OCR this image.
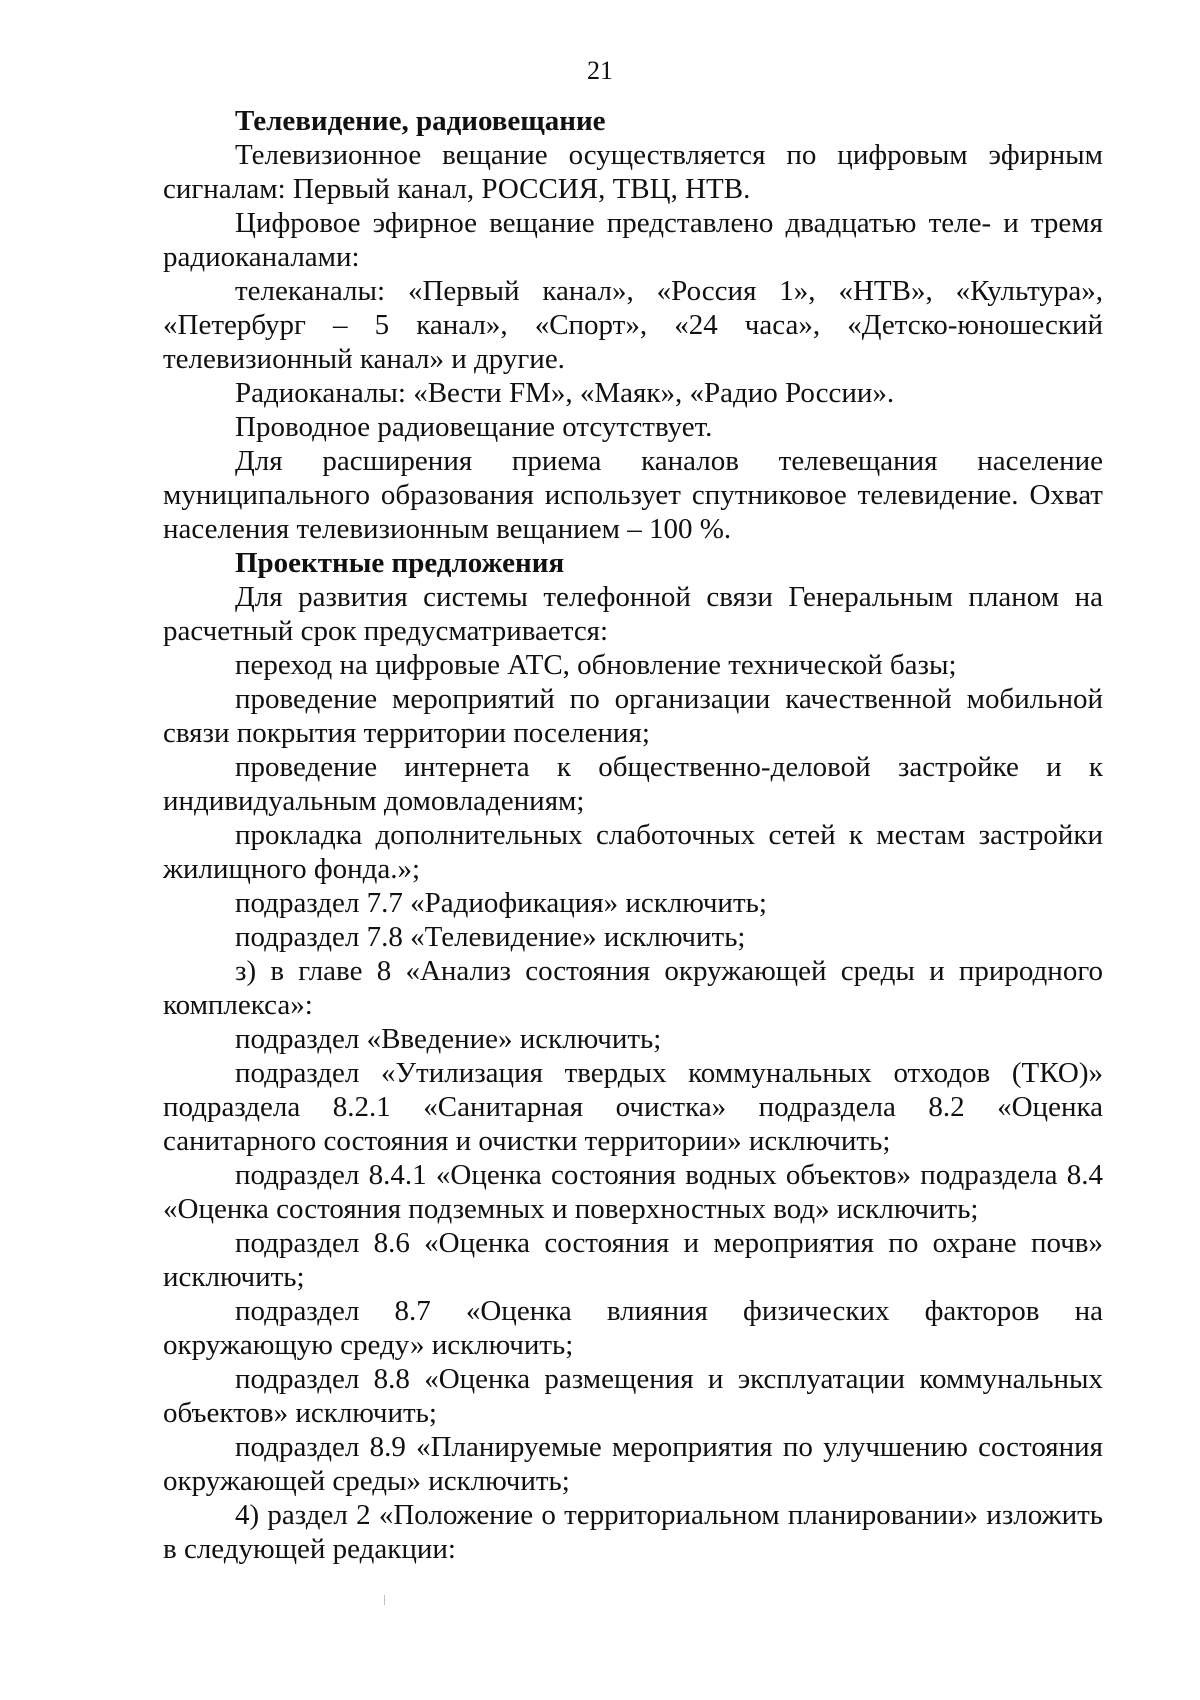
21

Телевидение, радиовещание

Телевизионное вещание осуществляется по цифровым эфирным сигналам: Первый канал, РОССИЯ, ТВЦ, НТВ.

Цифровое эфирное вещание представлено двадцатью теле- и тремя радиоканалами:

телеканалы: «Первый канал», «Россия 1», «НТВ», «Культура», «Петербург – 5 канал», «Спорт», «24 часа», «Детско-юношеский телевизионный канал» и другие.

Радиоканалы: «Вести FM», «Маяк», «Радио России».

Проводное радиовещание отсутствует.

Для расширения приема каналов телевещания население муниципального образования использует спутниковое телевидение. Охват населения телевизионным вещанием – 100 %.

Проектные предложения

Для развития системы телефонной связи Генеральным планом на расчетный срок предусматривается:

переход на цифровые АТС, обновление технической базы;

проведение мероприятий по организации качественной мобильной связи покрытия территории поселения;

проведение интернета к общественно-деловой застройке и к индивидуальным домовладениям;

прокладка дополнительных слаботочных сетей к местам застройки жилищного фонда.»;

подраздел 7.7 «Радиофикация» исключить;

подраздел 7.8 «Телевидение» исключить;

з) в главе 8 «Анализ состояния окружающей среды и природного комплекса»:

подраздел «Введение» исключить;

подраздел «Утилизация твердых коммунальных отходов (ТКО)» подраздела 8.2.1 «Санитарная очистка» подраздела 8.2 «Оценка санитарного состояния и очистки территории» исключить;

подраздел 8.4.1 «Оценка состояния водных объектов» подраздела 8.4 «Оценка состояния подземных и поверхностных вод» исключить;

подраздел 8.6 «Оценка состояния и мероприятия по охране почв» исключить;

подраздел 8.7 «Оценка влияния физических факторов на окружающую среду» исключить;

подраздел 8.8 «Оценка размещения и эксплуатации коммунальных объектов» исключить;

подраздел 8.9 «Планируемые мероприятия по улучшению состояния окружающей среды» исключить;

4) раздел 2 «Положение о территориальном планировании» изложить в следующей редакции:
